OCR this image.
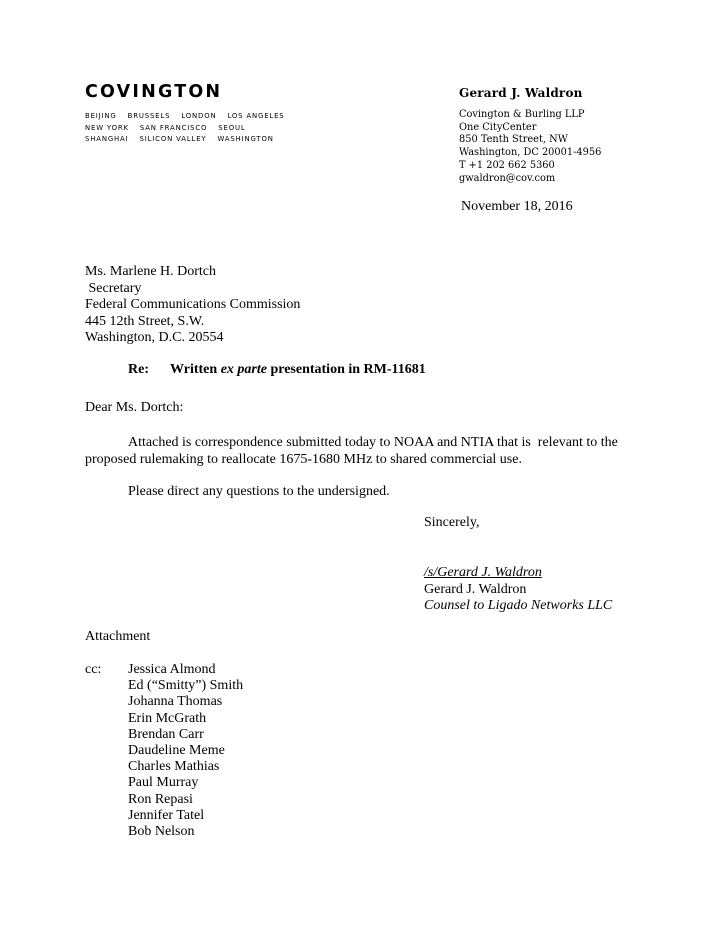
COVINGTON
BEIJING BRUSSELS LONDON LOS ANGELES
NEW YORK SAN FRANCISCO SEOUL
SHANGHAI SILICON VALLEY WASHINGTON
Gerard J. Waldron
Covington & Burling LLP
One CityCenter
850 Tenth Street, NW
Washington, DC 20001-4956
T +1 202 662 5360
gwaldron@cov.com
November 18, 2016
Ms. Marlene H. Dortch
Secretary
Federal Communications Commission
445 12th Street, S.W.
Washington, D.C. 20554
Re: Written ex parte presentation in RM-11681
Dear Ms. Dortch:
Attached is correspondence submitted today to NOAA and NTIA that is  relevant to the
proposed rulemaking to reallocate 1675-1680 MHz to shared commercial use.
Please direct any questions to the undersigned.
Sincerely,
/s/Gerard J. Waldron
Gerard J. Waldron
Counsel to Ligado Networks LLC
Attachment
cc: Jessica Almond
Ed (“Smitty”) Smith
Johanna Thomas
Erin McGrath
Brendan Carr
Daudeline Meme
Charles Mathias
Paul Murray
Ron Repasi
Jennifer Tatel
Bob Nelson
